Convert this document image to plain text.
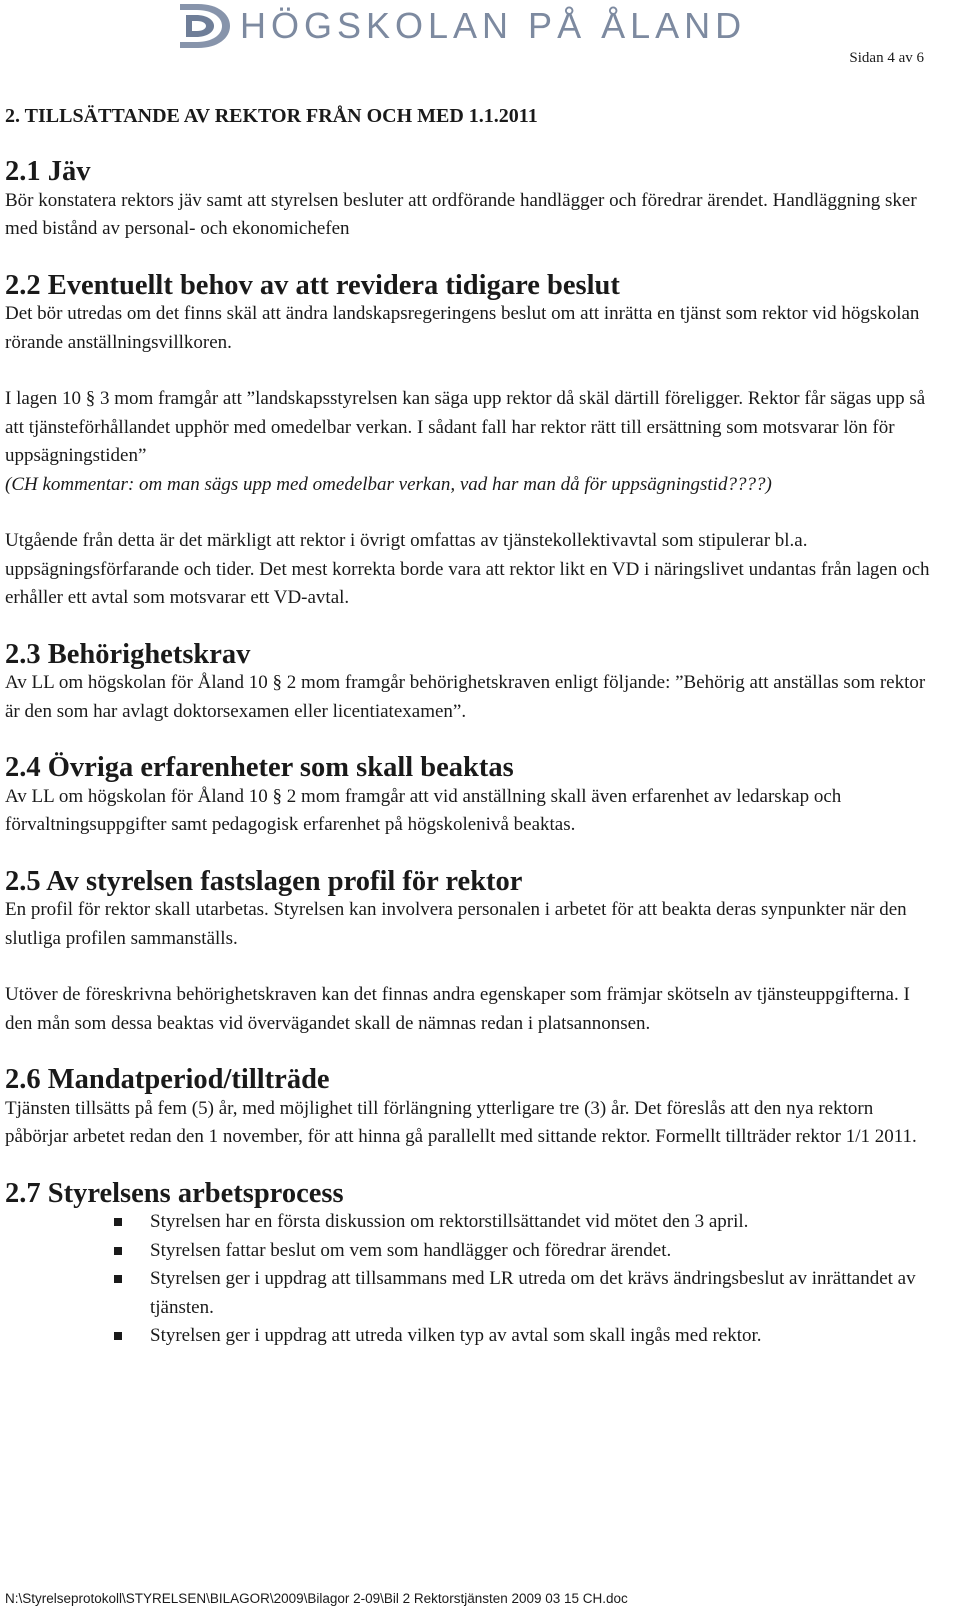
HÖGSKOLAN PÅ ÅLAND
Sidan 4 av 6
2. TILLSÄTTANDE AV REKTOR FRÅN OCH MED 1.1.2011
2.1 Jäv

Bör konstatera rektors jäv samt att styrelsen besluter att ordförande handlägger och föredrar ärendet. Handläggning sker med bistånd av personal- och ekonomichefen

2.2 Eventuellt behov av att revidera tidigare beslut

Det bör utredas om det finns skäl att ändra landskapsregeringens beslut om att inrätta en tjänst som rektor vid högskolan rörande anställningsvillkoren.

I lagen 10 § 3 mom framgår att ”landskapsstyrelsen kan säga upp rektor då skäl därtill föreligger. Rektor får sägas upp så att tjänsteförhållandet upphör med omedelbar verkan. I sådant fall har rektor rätt till ersättning som motsvarar lön för uppsägningstiden”
(CH kommentar: om man sägs upp med omedelbar verkan, vad har man då för uppsägningstid????)

Utgående från detta är det märkligt att rektor i övrigt omfattas av tjänstekollektivavtal som stipulerar bl.a. uppsägningsförfarande och tider. Det mest korrekta borde vara att rektor likt en VD i näringslivet undantas från lagen och erhåller ett avtal som motsvarar ett VD-avtal.

2.3 Behörighetskrav

Av LL om högskolan för Åland 10 § 2 mom framgår behörighetskraven enligt följande: ”Behörig att anställas som rektor är den som har avlagt doktorsexamen eller licentiatexamen”.

2.4 Övriga erfarenheter som skall beaktas

Av LL om högskolan för Åland 10 § 2 mom framgår att vid anställning skall även erfarenhet av ledarskap och förvaltningsuppgifter samt pedagogisk erfarenhet på högskolenivå beaktas.

2.5 Av styrelsen fastslagen profil för rektor

En profil för rektor skall utarbetas. Styrelsen kan involvera personalen i arbetet för att beakta deras synpunkter när den slutliga profilen sammanställs.

Utöver de föreskrivna behörighetskraven kan det finnas andra egenskaper som främjar skötseln av tjänsteuppgifterna. I den mån som dessa beaktas vid övervägandet skall de nämnas redan i platsannonsen.

2.6 Mandatperiod/tillträde

Tjänsten tillsätts på fem (5) år, med möjlighet till förlängning ytterligare tre (3) år. Det föreslås att den nya rektorn påbörjar arbetet redan den 1 november, för att hinna gå parallellt med sittande rektor. Formellt tillträder rektor 1/1 2011.

2.7 Styrelsens arbetsprocess
Styrelsen har en första diskussion om rektorstillsättandet vid mötet den 3 april.
Styrelsen fattar beslut om vem som handlägger och föredrar ärendet.
Styrelsen ger i uppdrag att tillsammans med LR utreda om det krävs ändringsbeslut av inrättandet av tjänsten.
Styrelsen ger i uppdrag att utreda vilken typ av avtal som skall ingås med rektor.
N:\Styrelseprotokoll\STYRELSEN\BILAGOR\2009\Bilagor 2-09\Bil 2 Rektorstjänsten 2009 03 15 CH.doc
